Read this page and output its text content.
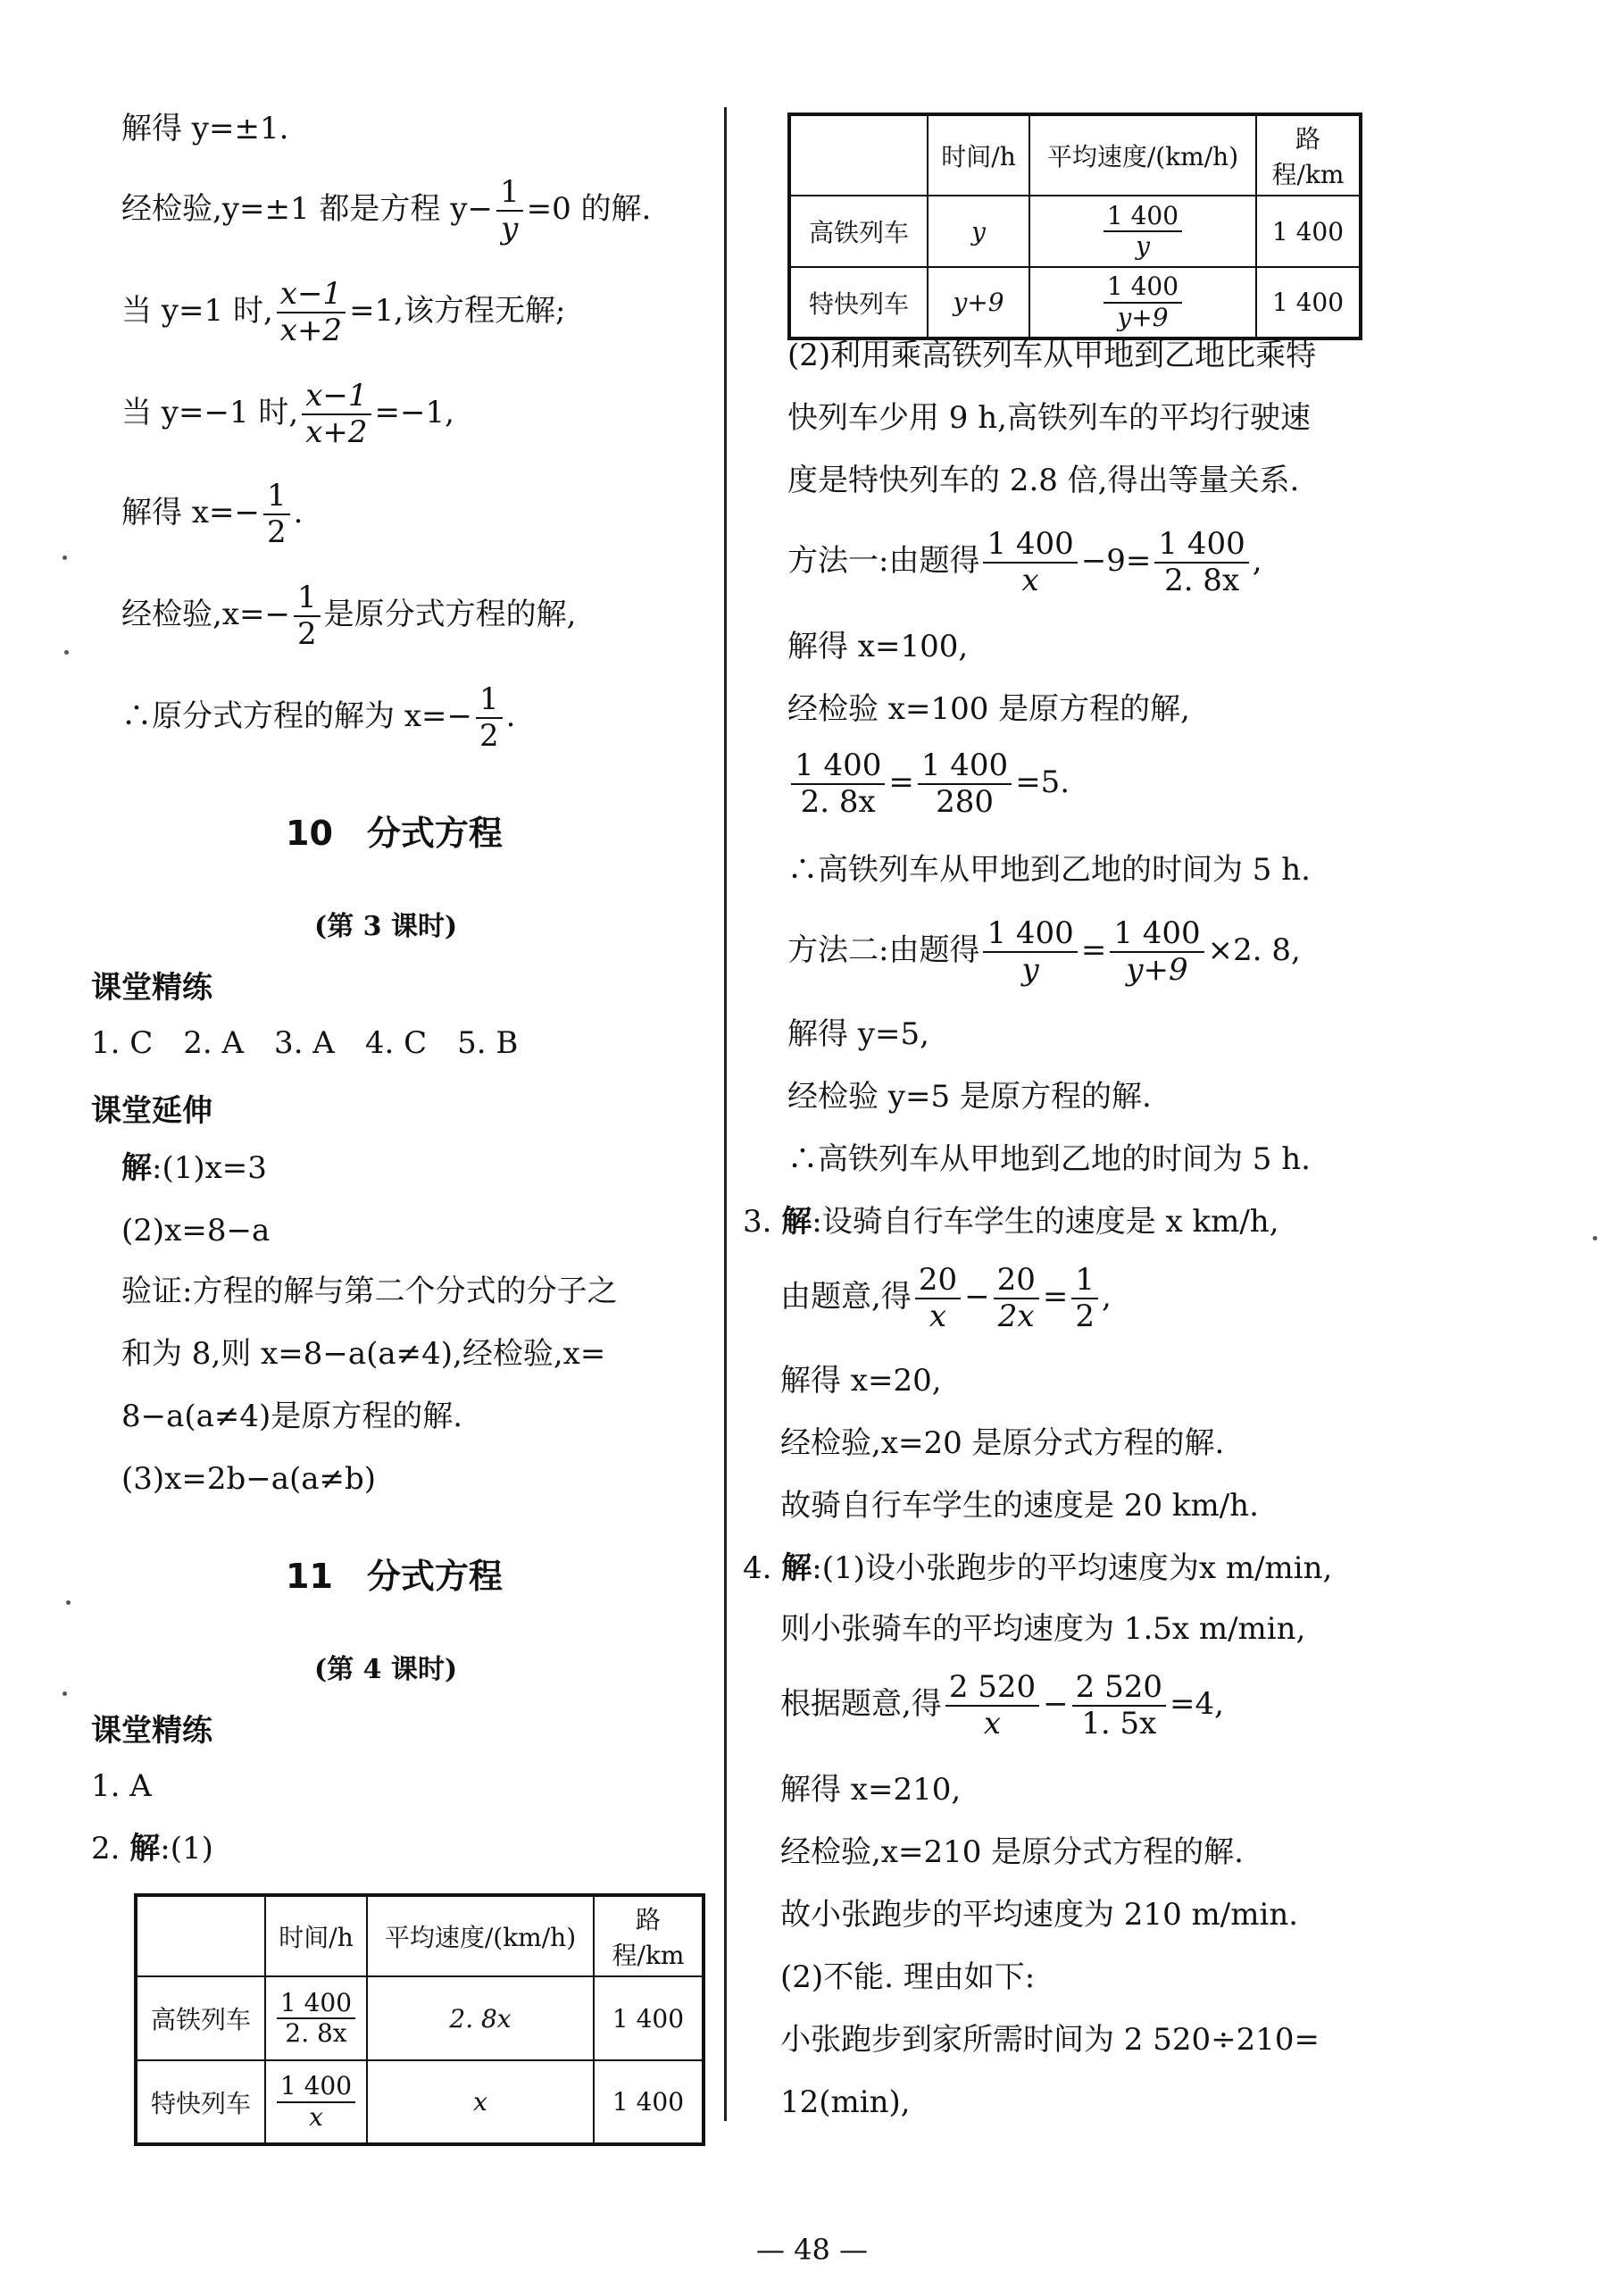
解得 y=±1.
经检验,y=±1 都是方程 $y- \frac{1}{y} =0$ 的解.
当 y=1 时, $\frac{x-1}{x+2} =1$,该方程无解;
当 y=−1 时, $\frac{x-1}{x+2} =-1$,
解得 $x=- \frac{1}{2}$ .
经检验$,x=- \frac{1}{2}$ 是原分式方程的解,
∴原分式方程的解为 $x=- \frac{1}{2}$ .
10　分式方程
(第 3 课时)
课堂精练
1. C　2. A　3. A　4. C　5. B
课堂延伸
解:(1)x=3
(2)x=8−a
验证:方程的解与第二个分式的分子之
和为 8,则 x=8−a(a≠4),经检验,x=
8−a(a≠4)是原方程的解.
(3)x=2b−a(a≠b)
11　分式方程
(第 4 课时)
课堂精练
1. A
2. 解:(1)
	时间/h	平均速度/(km/h)	路程/km
高铁列车	$\frac{1 400}{2. 8x}$	2. 8x	1 400
特快列车	$\frac{1 400}{x}$	x	1 400
	时间/h	平均速度/(km/h)	路程/km
高铁列车	y	$\frac{1 400}{y}$	1 400
特快列车	y+9	$\frac{1 400}{y+9}$	1 400
(2)利用乘高铁列车从甲地到乙地比乘特
快列车少用 9 h,高铁列车的平均行驶速
度是特快列车的 2.8 倍,得出等量关系.
方法一:由题得 $\frac{1 400}{x} -9= \frac{1 400}{2. 8x}$ ,
解得 x=100,
经检验 x=100 是原方程的解,
$\frac{1 400}{2. 8x} = \frac{1 400}{280} =5$.
∴高铁列车从甲地到乙地的时间为 5 h.
方法二:由题得 $\frac{1 400}{y} = \frac{1 400}{y+9} \times 2$. 8,
解得 y=5,
经检验 y=5 是原方程的解.
∴高铁列车从甲地到乙地的时间为 5 h.
3. 解:设骑自行车学生的速度是 x km/h,
由题意,得 $\frac{20}{x} - \frac{20}{2x} = \frac{1}{2}$ ,
解得 x=20,
经检验,x=20 是原分式方程的解.
故骑自行车学生的速度是 20 km/h.
4. 解:(1)设小张跑步的平均速度为x m/min,
则小张骑车的平均速度为 1.5x m/min,
根据题意,得 $\frac{2 520}{x} - \frac{2 520}{1. 5x} =4$,
解得 x=210,
经检验,x=210 是原分式方程的解.
故小张跑步的平均速度为 210 m/min.
(2)不能. 理由如下:
小张跑步到家所需时间为 2 520÷210=
12(min),
— 48 —
